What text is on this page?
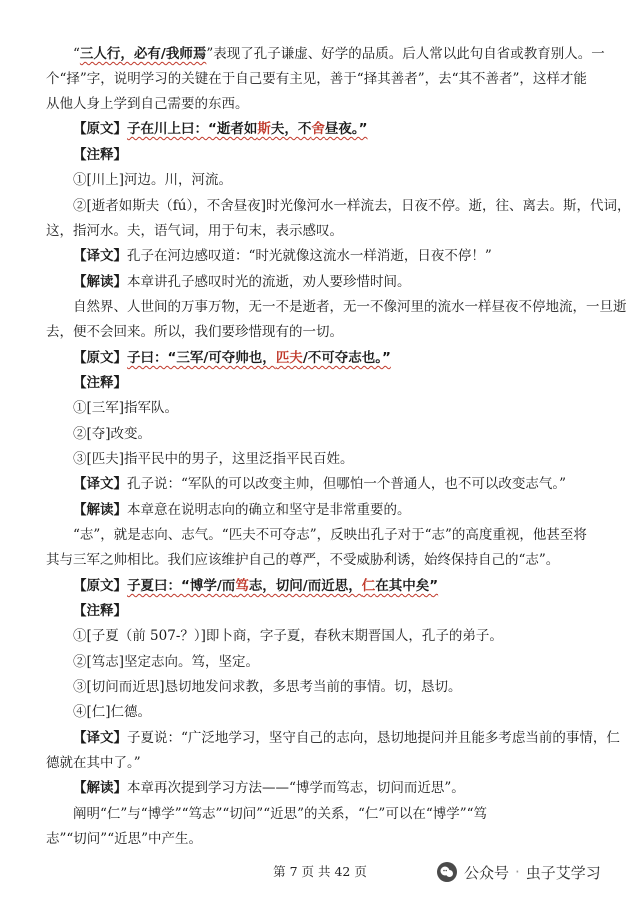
“三人行，必有/我师焉”表现了孔子谦虚、好学的品质。后人常以此句自省或教育别人。一
个“择”字，说明学习的关键在于自己要有主见，善于“择其善者”，去“其不善者”，这样才能
从他人身上学到自己需要的东西。
【原文】子在川上曰：“逝者如斯夫，不舍昼夜。”
【注释】
①[川上]河边。川，河流。
②[逝者如斯夫（fú），不舍昼夜]时光像河水一样流去，日夜不停。逝，往、离去。斯，代词，
这，指河水。夫，语气词，用于句末，表示感叹。
【译文】孔子在河边感叹道：“时光就像这流水一样消逝，日夜不停！”
【解读】本章讲孔子感叹时光的流逝，劝人要珍惜时间。
自然界、人世间的万事万物，无一不是逝者，无一不像河里的流水一样昼夜不停地流，一旦逝
去，便不会回来。所以，我们要珍惜现有的一切。
【原文】子曰：“三军/可夺帅也，匹夫/不可夺志也。”
【注释】
①[三军]指军队。
②[夺]改变。
③[匹夫]指平民中的男子，这里泛指平民百姓。
【译文】孔子说：“军队的可以改变主帅，但哪怕一个普通人，也不可以改变志气。”
【解读】本章意在说明志向的确立和坚守是非常重要的。
“志”，就是志向、志气。“匹夫不可夺志”，反映出孔子对于“志”的高度重视，他甚至将
其与三军之帅相比。我们应该维护自己的尊严，不受威胁利诱，始终保持自己的“志”。
【原文】子夏曰：“博学/而笃志，切问/而近思，仁在其中矣”
【注释】
①[子夏（前 507-？）]即卜商，字子夏，春秋末期晋国人，孔子的弟子。
②[笃志]坚定志向。笃，坚定。
③[切问而近思]恳切地发问求教，多思考当前的事情。切，恳切。
④[仁]仁德。
【译文】子夏说：“广泛地学习，坚守自己的志向，恳切地提问并且能多考虑当前的事情，仁
德就在其中了。”
【解读】本章再次提到学习方法——“博学而笃志，切问而近思”。
阐明“仁”与“博学”“笃志”“切问”“近思”的关系，“仁”可以在“博学”“笃
志”“切问”“近思”中产生。
第 7 页 共 42 页	公众号 · 虫子艾学习
